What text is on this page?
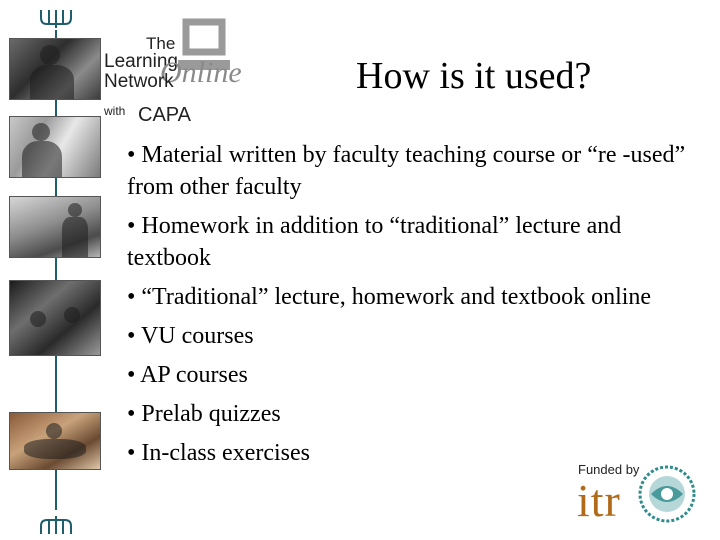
The
Learning
Online
Network
with CAPA
How is it used?
• Material written by faculty teaching course or “re -used” from other faculty
• Homework in addition to “traditional” lecture and textbook
• “Traditional” lecture, homework and textbook online
• VU courses
• AP courses
• Prelab quizzes
• In-class exercises
Funded by
itr
